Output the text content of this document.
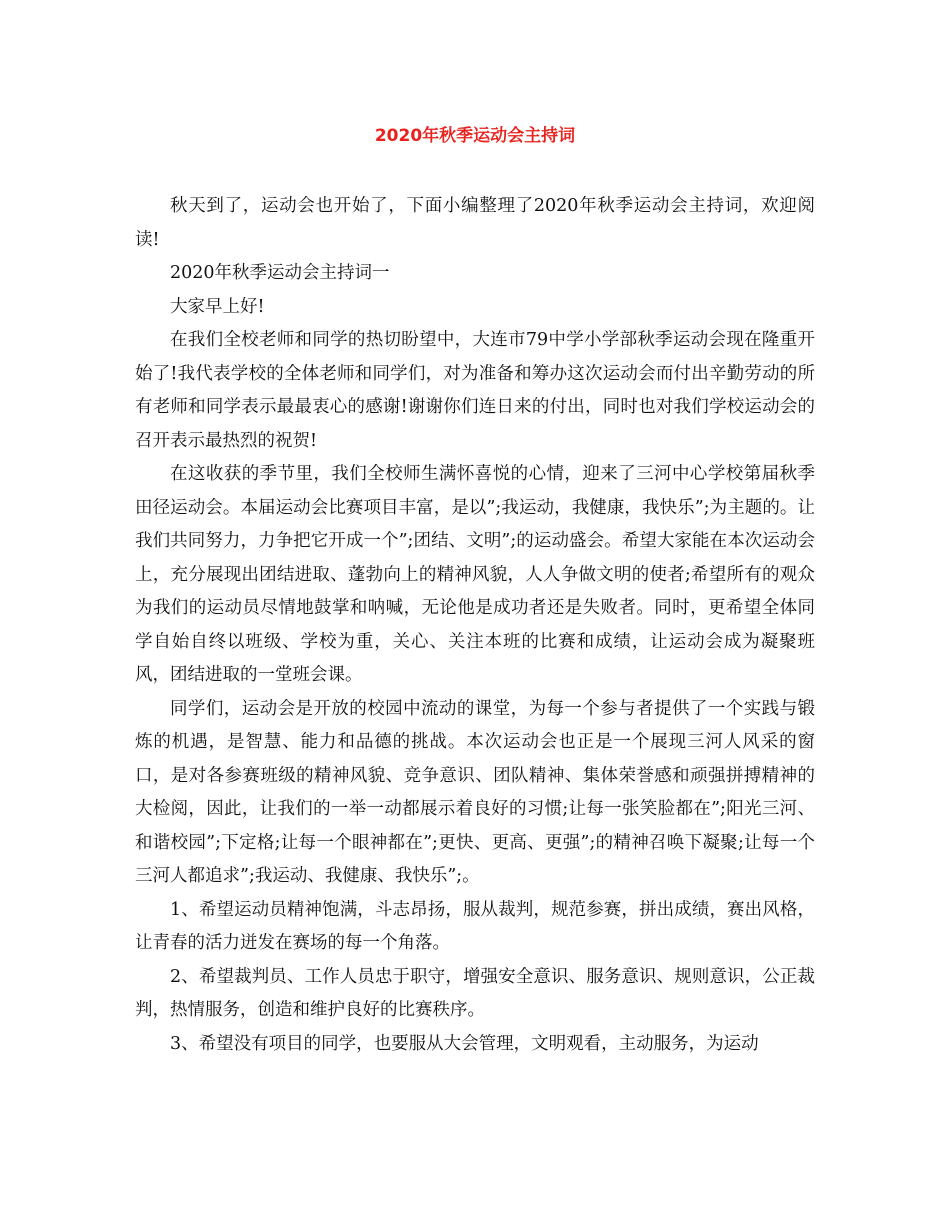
2020年秋季运动会主持词

秋天到了，运动会也开始了，下面小编整理了2020年秋季运动会主持词，欢迎阅读!

2020年秋季运动会主持词一

大家早上好!

在我们全校老师和同学的热切盼望中，大连市79中学小学部秋季运动会现在隆重开始了!我代表学校的全体老师和同学们，对为准备和筹办这次运动会而付出辛勤劳动的所有老师和同学表示最最衷心的感谢!谢谢你们连日来的付出，同时也对我们学校运动会的召开表示最热烈的祝贺!

在这收获的季节里，我们全校师生满怀喜悦的心情，迎来了三河中心学校第届秋季田径运动会。本届运动会比赛项目丰富，是以”;我运动，我健康，我快乐”;为主题的。让我们共同努力，力争把它开成一个”;团结、文明”;的运动盛会。希望大家能在本次运动会上，充分展现出团结进取、蓬勃向上的精神风貌，人人争做文明的使者;希望所有的观众为我们的运动员尽情地鼓掌和呐喊，无论他是成功者还是失败者。同时，更希望全体同学自始自终以班级、学校为重，关心、关注本班的比赛和成绩，让运动会成为凝聚班风，团结进取的一堂班会课。

同学们，运动会是开放的校园中流动的课堂，为每一个参与者提供了一个实践与锻炼的机遇，是智慧、能力和品德的挑战。本次运动会也正是一个展现三河人风采的窗口，是对各参赛班级的精神风貌、竞争意识、团队精神、集体荣誉感和顽强拼搏精神的大检阅，因此，让我们的一举一动都展示着良好的习惯;让每一张笑脸都在”;阳光三河、和谐校园”;下定格;让每一个眼神都在”;更快、更高、更强”;的精神召唤下凝聚;让每一个三河人都追求”;我运动、我健康、我快乐”;。

1、希望运动员精神饱满，斗志昂扬，服从裁判，规范参赛，拼出成绩，赛出风格，让青春的活力迸发在赛场的每一个角落。

2、希望裁判员、工作人员忠于职守，增强安全意识、服务意识、规则意识，公正裁判，热情服务，创造和维护良好的比赛秩序。

3、希望没有项目的同学，也要服从大会管理，文明观看，主动服务，为运动
